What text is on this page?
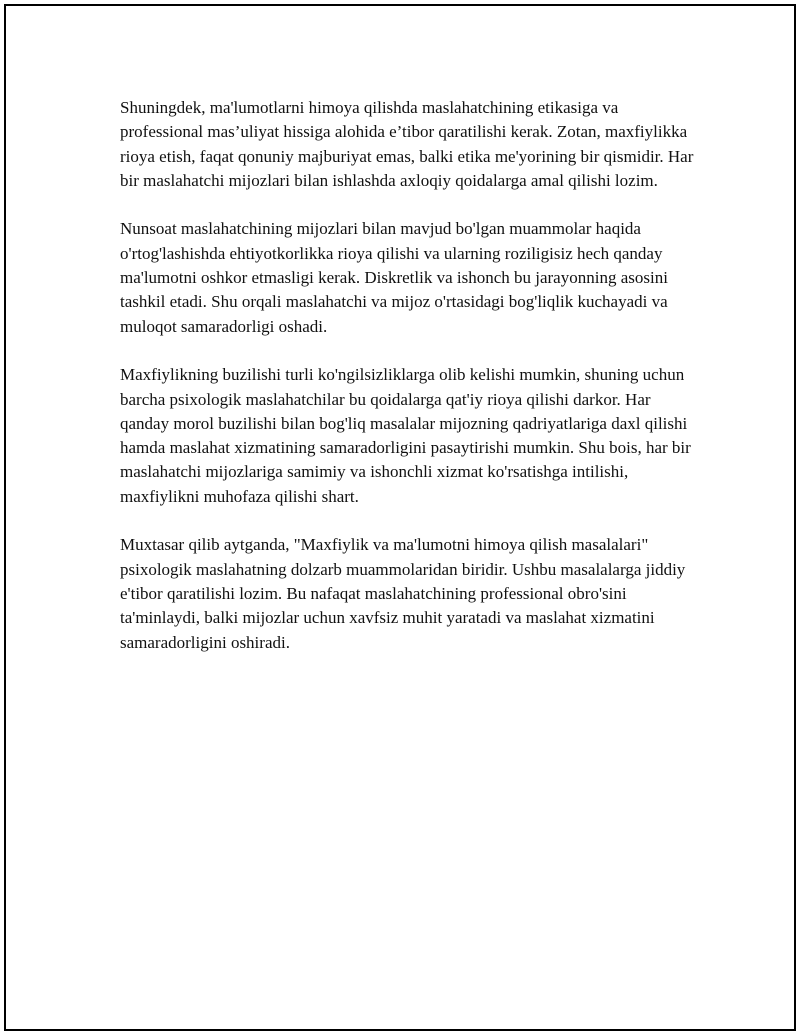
Shuningdek, ma'lumotlarni himoya qilishda maslahatchining etikasiga va professional mas’uliyat hissiga alohida e’tibor qaratilishi kerak. Zotan, maxfiylikka rioya etish, faqat qonuniy majburiyat emas, balki etika me'yorining bir qismidir. Har bir maslahatchi mijozlari bilan ishlashda axloqiy qoidalarga amal qilishi lozim.

Nunsoat maslahatchining mijozlari bilan mavjud bo'lgan muammolar haqida o'rtog'lashishda ehtiyotkorlikka rioya qilishi va ularning roziligisiz hech qanday ma'lumotni oshkor etmasligi kerak. Diskretlik va ishonch bu jarayonning asosini tashkil etadi. Shu orqali maslahatchi va mijoz o'rtasidagi bog'liqlik kuchayadi va muloqot samaradorligi oshadi.

Maxfiylikning buzilishi turli ko'ngilsizliklarga olib kelishi mumkin, shuning uchun barcha psixologik maslahatchilar bu qoidalarga qat'iy rioya qilishi darkor. Har qanday morol buzilishi bilan bog'liq masalalar mijozning qadriyatlariga daxl qilishi hamda maslahat xizmatining samaradorligini pasaytirishi mumkin. Shu bois, har bir maslahatchi mijozlariga samimiy va ishonchli xizmat ko'rsatishga intilishi, maxfiylikni muhofaza qilishi shart.

Muxtasar qilib aytganda, "Maxfiylik va ma'lumotni himoya qilish masalalari" psixologik maslahatning dolzarb muammolaridan biridir. Ushbu masalalarga jiddiy e'tibor qaratilishi lozim. Bu nafaqat maslahatchining professional obro'sini ta'minlaydi, balki mijozlar uchun xavfsiz muhit yaratadi va maslahat xizmatini samaradorligini oshiradi.
